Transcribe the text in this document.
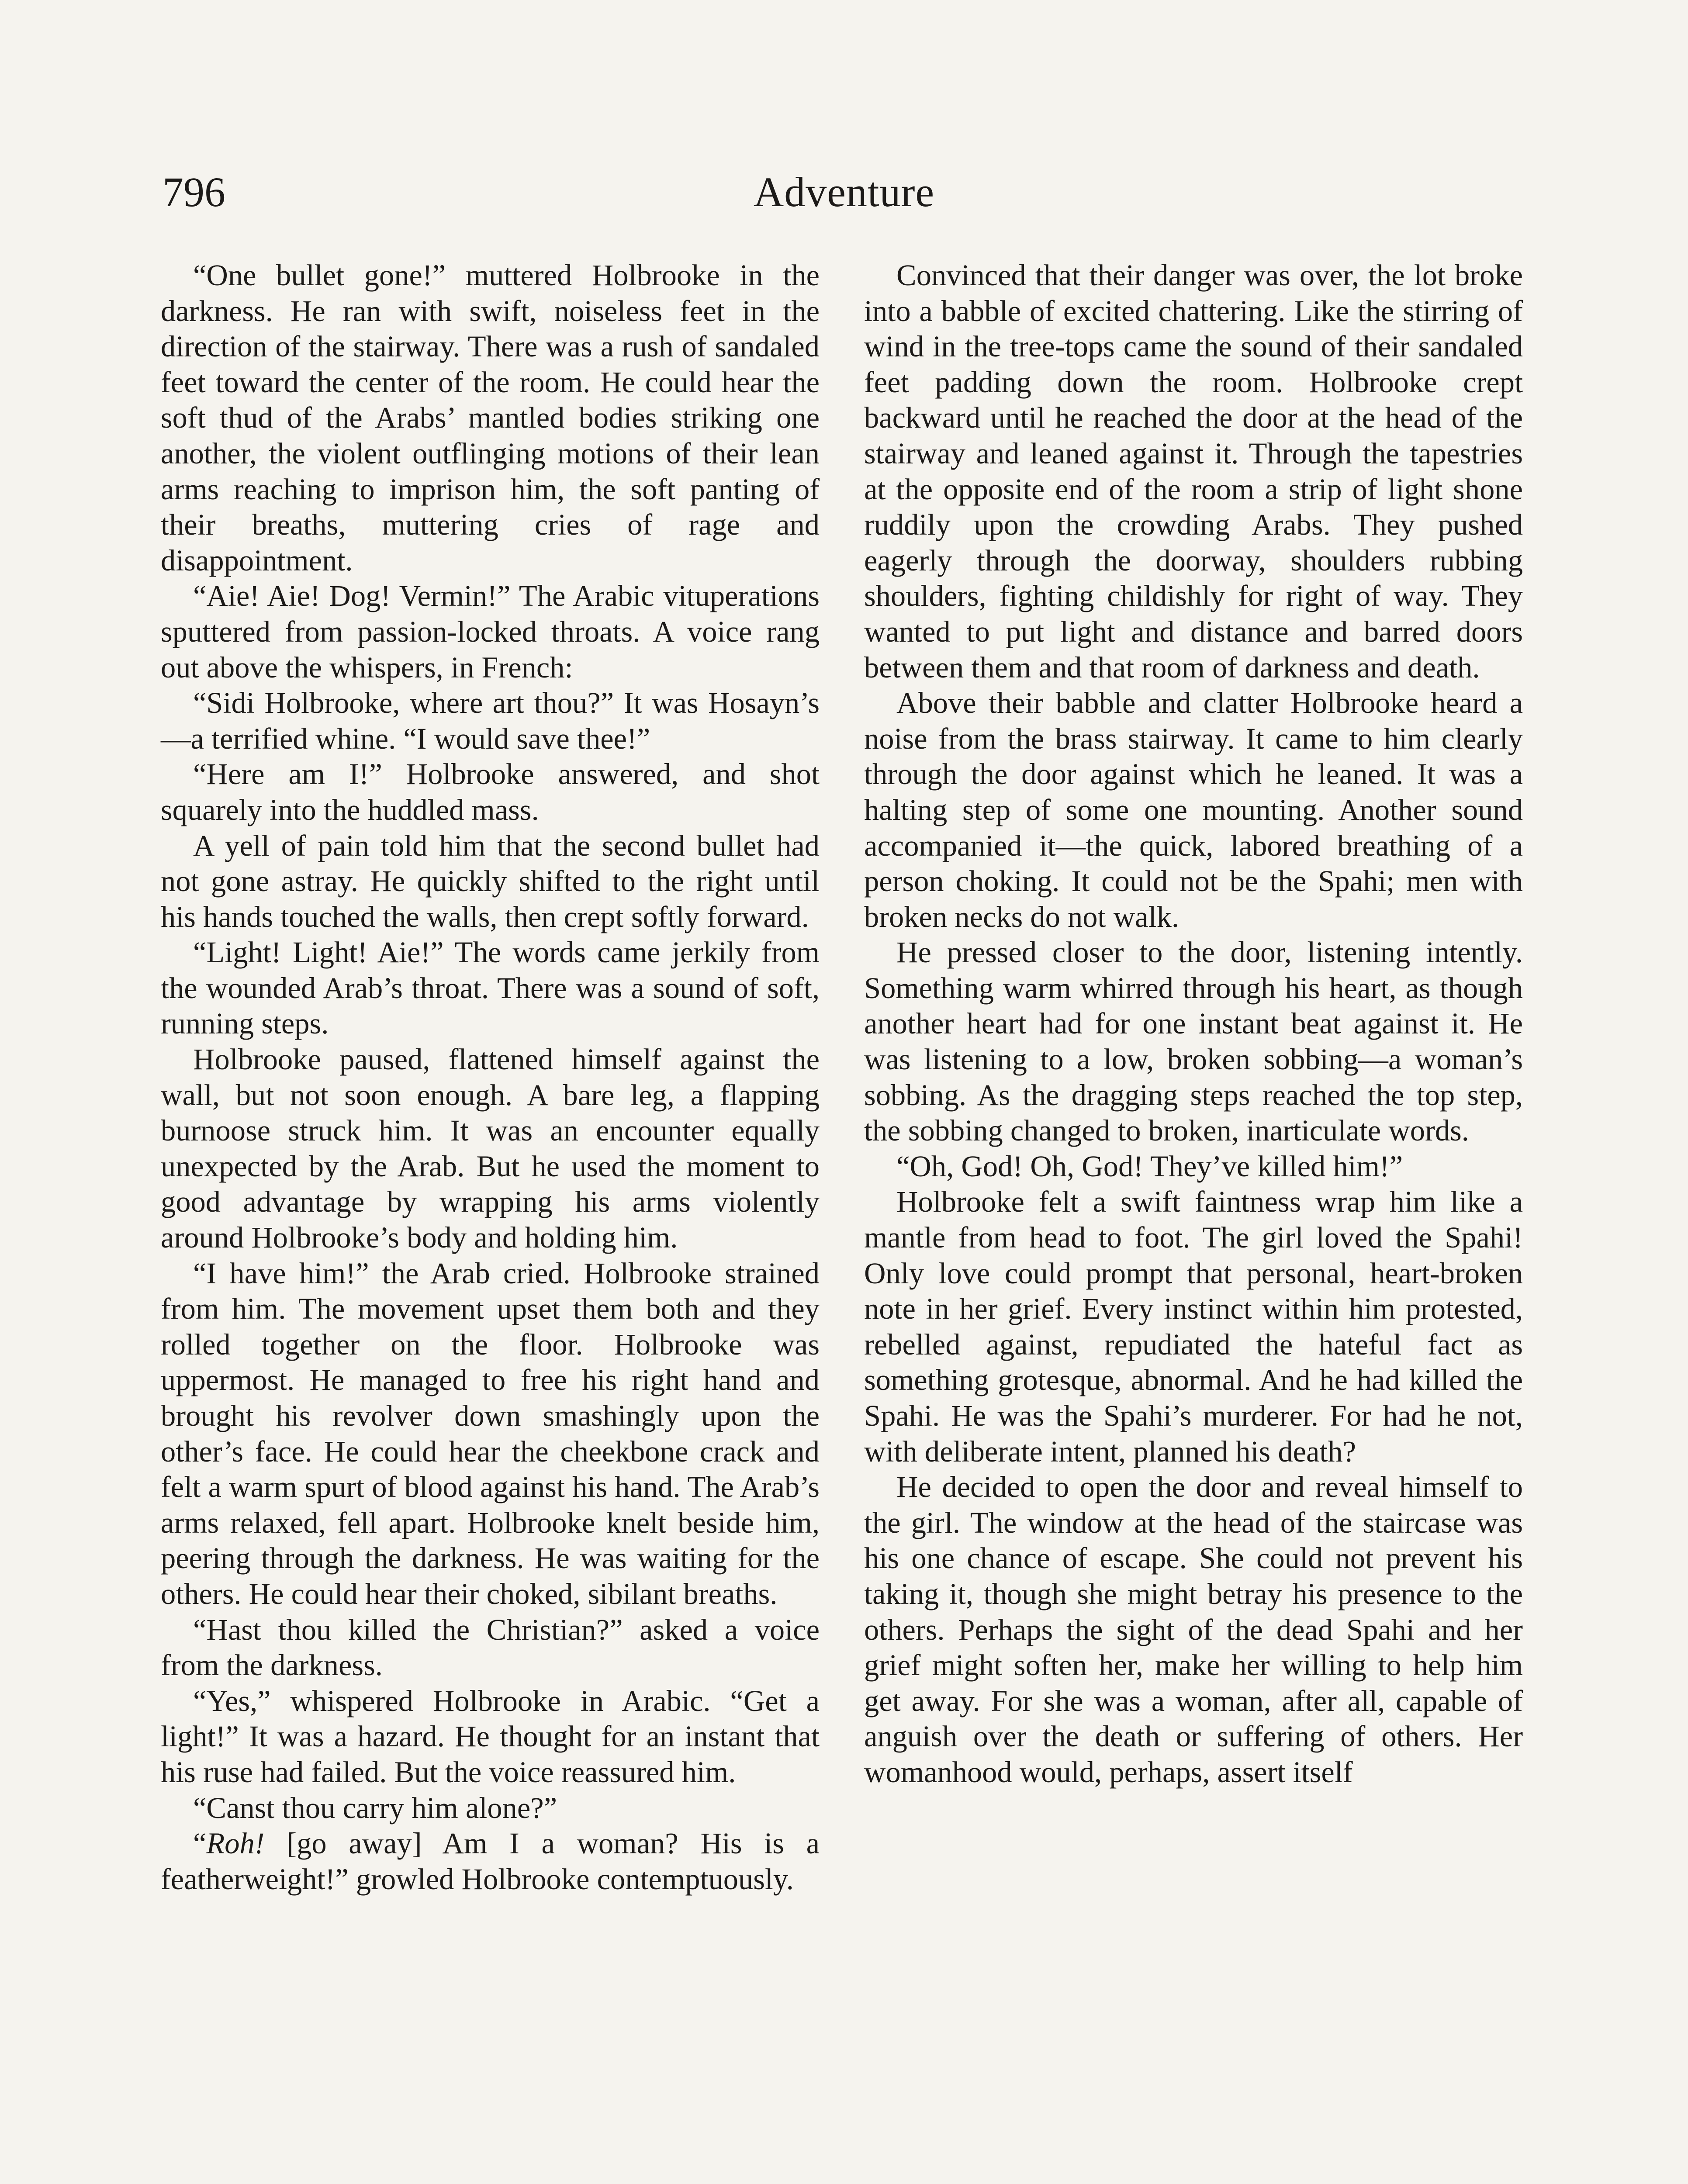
796	Adventure

“One bullet gone!” muttered Holbrooke in the darkness. He ran with swift, noiseless feet in the direction of the stairway. There was a rush of sandaled feet toward the center of the room. He could hear the soft thud of the Arabs’ mantled bodies striking one another, the violent outflinging motions of their lean arms reaching to imprison him, the soft panting of their breaths, muttering cries of rage and disappointment.

“Aie! Aie! Dog! Vermin!” The Arabic vituperations sputtered from passion-locked throats. A voice rang out above the whispers, in French:

“Sidi Holbrooke, where art thou?” It was Hosayn’s—a terrified whine. “I would save thee!”

“Here am I!” Holbrooke answered, and shot squarely into the huddled mass.

A yell of pain told him that the second bullet had not gone astray. He quickly shifted to the right until his hands touched the walls, then crept softly forward.

“Light! Light! Aie!” The words came jerkily from the wounded Arab’s throat. There was a sound of soft, running steps.

Holbrooke paused, flattened himself against the wall, but not soon enough. A bare leg, a flapping burnoose struck him. It was an encounter equally unexpected by the Arab. But he used the moment to good advantage by wrapping his arms violently around Holbrooke’s body and holding him.

“I have him!” the Arab cried. Holbrooke strained from him. The movement upset them both and they rolled together on the floor. Holbrooke was uppermost. He managed to free his right hand and brought his revolver down smashingly upon the other’s face. He could hear the cheekbone crack and felt a warm spurt of blood against his hand. The Arab’s arms relaxed, fell apart. Holbrooke knelt beside him, peering through the darkness. He was waiting for the others. He could hear their choked, sibilant breaths.

“Hast thou killed the Christian?” asked a voice from the darkness.

“Yes,” whispered Holbrooke in Arabic. “Get a light!” It was a hazard. He thought for an instant that his ruse had failed. But the voice reassured him.

“Canst thou carry him alone?”

“Roh! [go away] Am I a woman? His is a featherweight!” growled Holbrooke contemptuously.

Convinced that their danger was over, the lot broke into a babble of excited chattering. Like the stirring of wind in the tree-tops came the sound of their sandaled feet padding down the room. Holbrooke crept backward until he reached the door at the head of the stairway and leaned against it. Through the tapestries at the opposite end of the room a strip of light shone ruddily upon the crowding Arabs. They pushed eagerly through the doorway, shoulders rubbing shoulders, fighting childishly for right of way. They wanted to put light and distance and barred doors between them and that room of darkness and death.

Above their babble and clatter Holbrooke heard a noise from the brass stairway. It came to him clearly through the door against which he leaned. It was a halting step of some one mounting. Another sound accompanied it—the quick, labored breathing of a person choking. It could not be the Spahi; men with broken necks do not walk.

He pressed closer to the door, listening intently. Something warm whirred through his heart, as though another heart had for one instant beat against it. He was listening to a low, broken sobbing—a woman’s sobbing. As the dragging steps reached the top step, the sobbing changed to broken, inarticulate words.

“Oh, God! Oh, God! They’ve killed him!”

Holbrooke felt a swift faintness wrap him like a mantle from head to foot. The girl loved the Spahi! Only love could prompt that personal, heart-broken note in her grief. Every instinct within him protested, rebelled against, repudiated the hateful fact as something grotesque, abnormal. And he had killed the Spahi. He was the Spahi’s murderer. For had he not, with deliberate intent, planned his death?

He decided to open the door and reveal himself to the girl. The window at the head of the staircase was his one chance of escape. She could not prevent his taking it, though she might betray his presence to the others. Perhaps the sight of the dead Spahi and her grief might soften her, make her willing to help him get away. For she was a woman, after all, capable of anguish over the death or suffering of others. Her womanhood would, perhaps, assert itself
